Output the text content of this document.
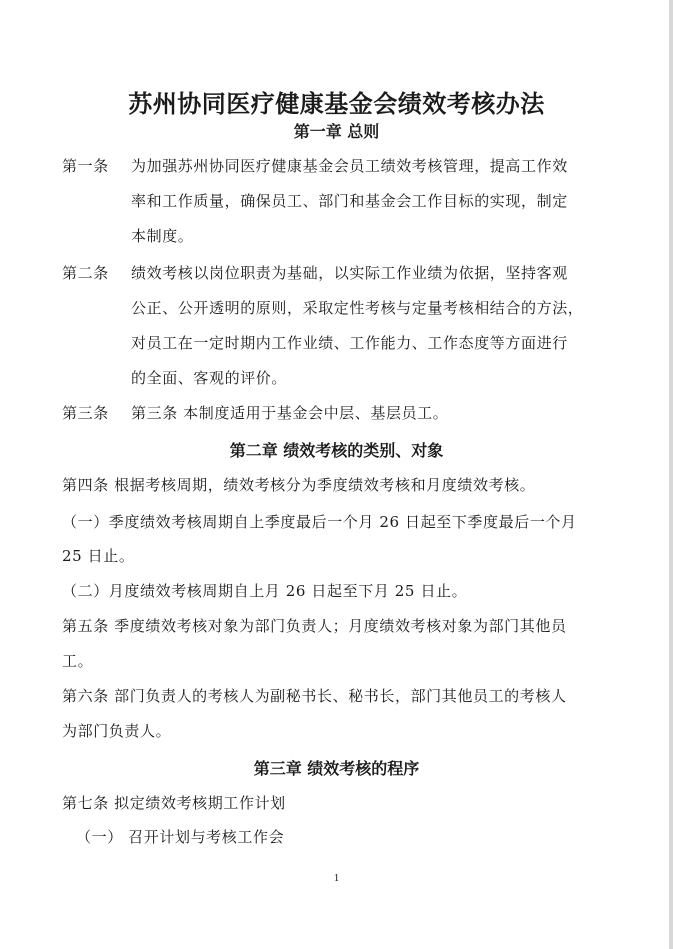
苏州协同医疗健康基金会绩效考核办法
第一章 总则
第一条 为加强苏州协同医疗健康基金会员工绩效考核管理，提高工作效
率和工作质量，确保员工、部门和基金会工作目标的实现，制定
本制度。
第二条 绩效考核以岗位职责为基础，以实际工作业绩为依据，坚持客观
公正、公开透明的原则，采取定性考核与定量考核相结合的方法，
对员工在一定时期内工作业绩、工作能力、工作态度等方面进行
的全面、客观的评价。
第三条 第三条 本制度适用于基金会中层、基层员工。
第二章 绩效考核的类别、对象
第四条 根据考核周期，绩效考核分为季度绩效考核和月度绩效考核。
（一）季度绩效考核周期自上季度最后一个月 26 日起至下季度最后一个月
25 日止。
（二）月度绩效考核周期自上月 26 日起至下月 25 日止。
第五条 季度绩效考核对象为部门负责人；月度绩效考核对象为部门其他员
工。
第六条 部门负责人的考核人为副秘书长、秘书长，部门其他员工的考核人
为部门负责人。
第三章 绩效考核的程序
第七条 拟定绩效考核期工作计划
（一） 召开计划与考核工作会
1
